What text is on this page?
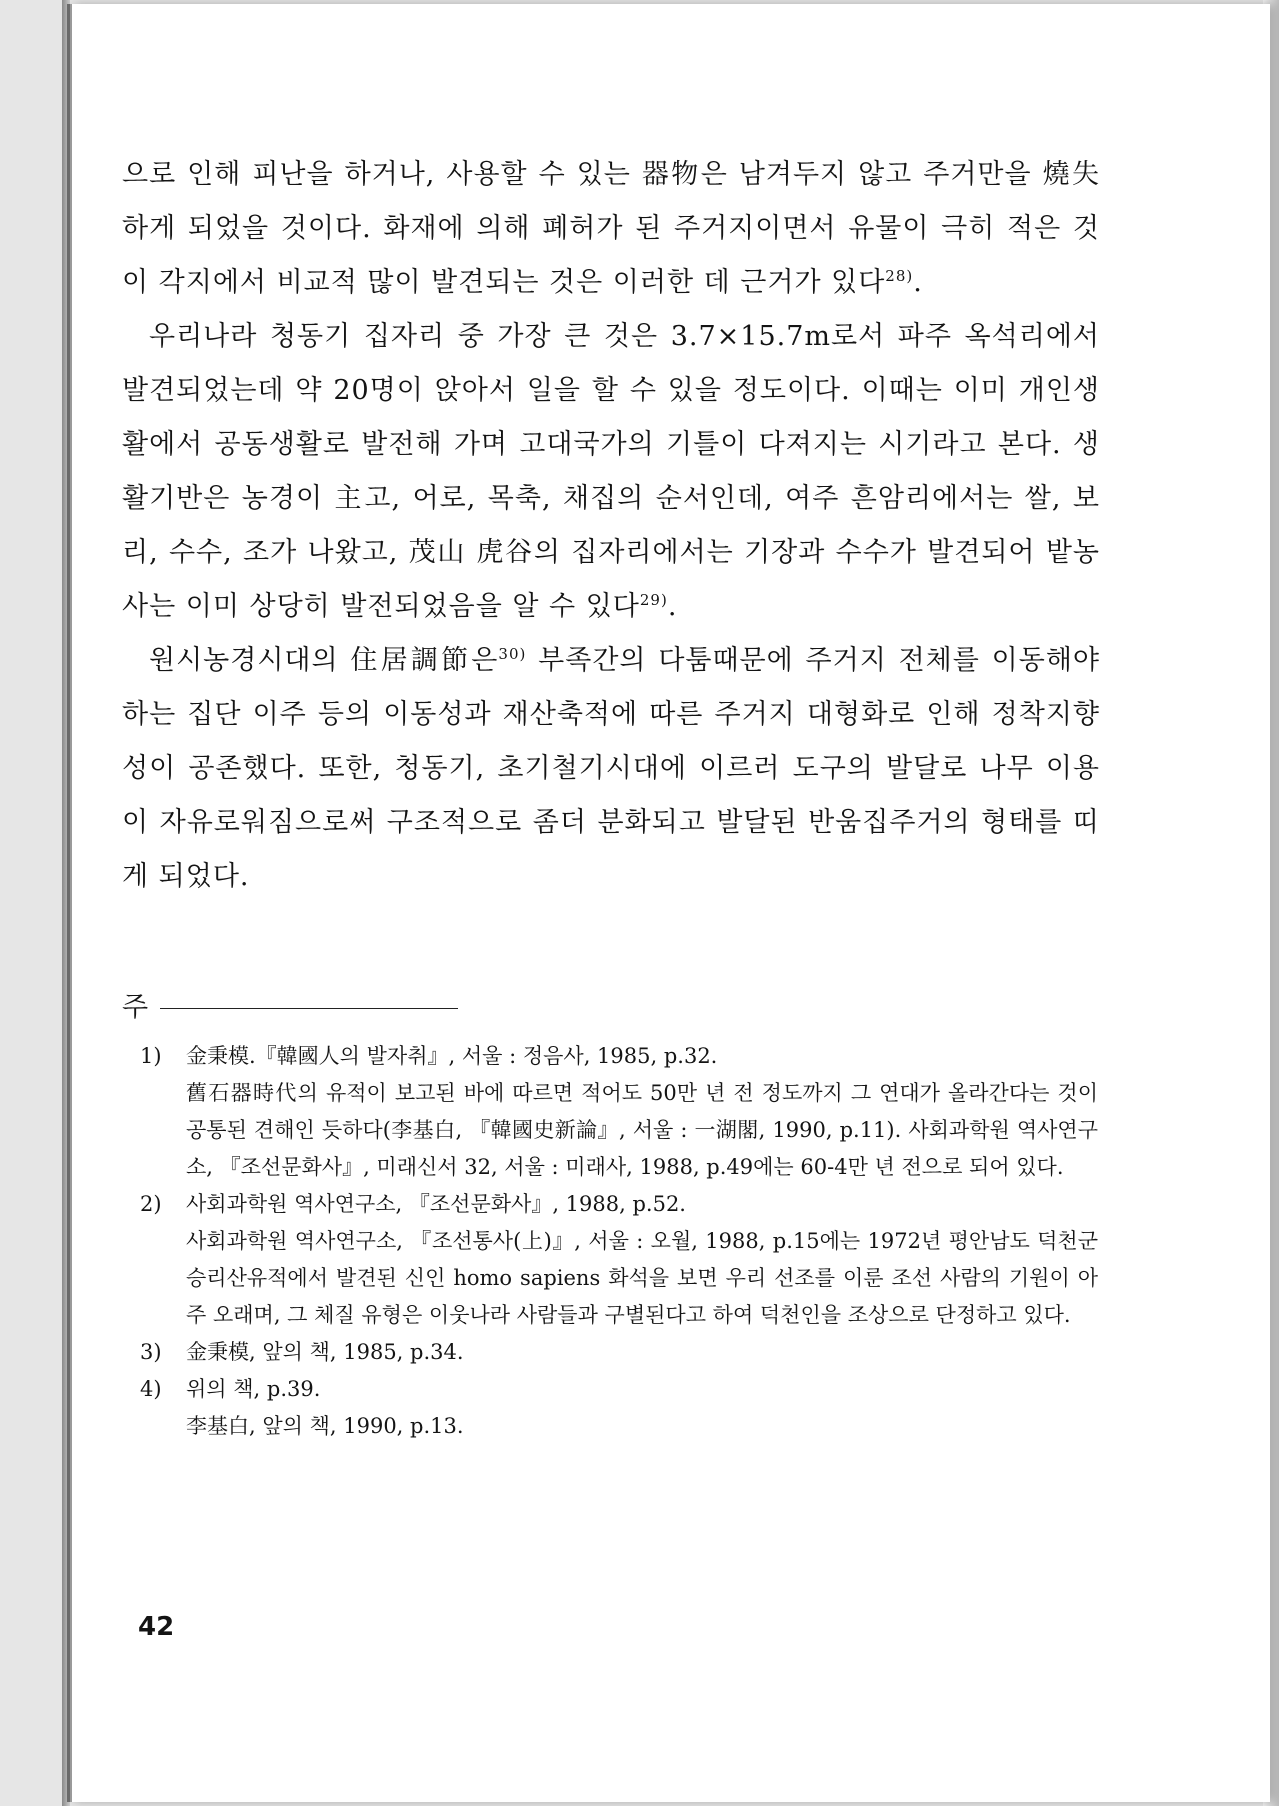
으로 인해 피난을 하거나, 사용할 수 있는 器物은 남겨두지 않고 주거만을 燒失하게 되었을 것이다. 화재에 의해 폐허가 된 주거지이면서 유물이 극히 적은 것이 각지에서 비교적 많이 발견되는 것은 이러한 데 근거가 있다$^{28)}$.

우리나라 청동기 집자리 중 가장 큰 것은 3.7×15.7m로서 파주 옥석리에서 발견되었는데 약 20명이 앉아서 일을 할 수 있을 정도이다. 이때는 이미 개인생활에서 공동생활로 발전해 가며 고대국가의 기틀이 다져지는 시기라고 본다. 생활기반은 농경이 主고, 어로, 목축, 채집의 순서인데, 여주 흔암리에서는 쌀, 보리, 수수, 조가 나왔고, 茂山 虎谷의 집자리에서는 기장과 수수가 발견되어 밭농사는 이미 상당히 발전되었음을 알 수 있다$^{29)}$.

원시농경시대의 住居調節은$^{30)}$ 부족간의 다툼때문에 주거지 전체를 이동해야 하는 집단 이주 등의 이동성과 재산축적에 따른 주거지 대형화로 인해 정착지향성이 공존했다. 또한, 청동기, 초기철기시대에 이르러 도구의 발달로 나무 이용이 자유로워짐으로써 구조적으로 좀더 분화되고 발달된 반움집주거의 형태를 띠게 되었다.

주
1) 金秉模.『韓國人의 발자취』, 서울 : 정음사, 1985, p.32.
舊石器時代의 유적이 보고된 바에 따르면 적어도 50만 년 전 정도까지 그 연대가 올라간다는 것이 공통된 견해인 듯하다(李基白, 『韓國史新論』, 서울 : 一湖閣, 1990, p.11). 사회과학원 역사연구소, 『조선문화사』, 미래신서 32, 서울 : 미래사, 1988, p.49에는 60-4만 년 전으로 되어 있다.
2) 사회과학원 역사연구소, 『조선문화사』, 1988, p.52.
사회과학원 역사연구소, 『조선통사(上)』, 서울 : 오월, 1988, p.15에는 1972년 평안남도 덕천군 승리산유적에서 발견된 신인 homo sapiens 화석을 보면 우리 선조를 이룬 조선 사람의 기원이 아주 오래며, 그 체질 유형은 이웃나라 사람들과 구별된다고 하여 덕천인을 조상으로 단정하고 있다.
3) 金秉模, 앞의 책, 1985, p.34.
4) 위의 책, p.39.
李基白, 앞의 책, 1990, p.13.
42
